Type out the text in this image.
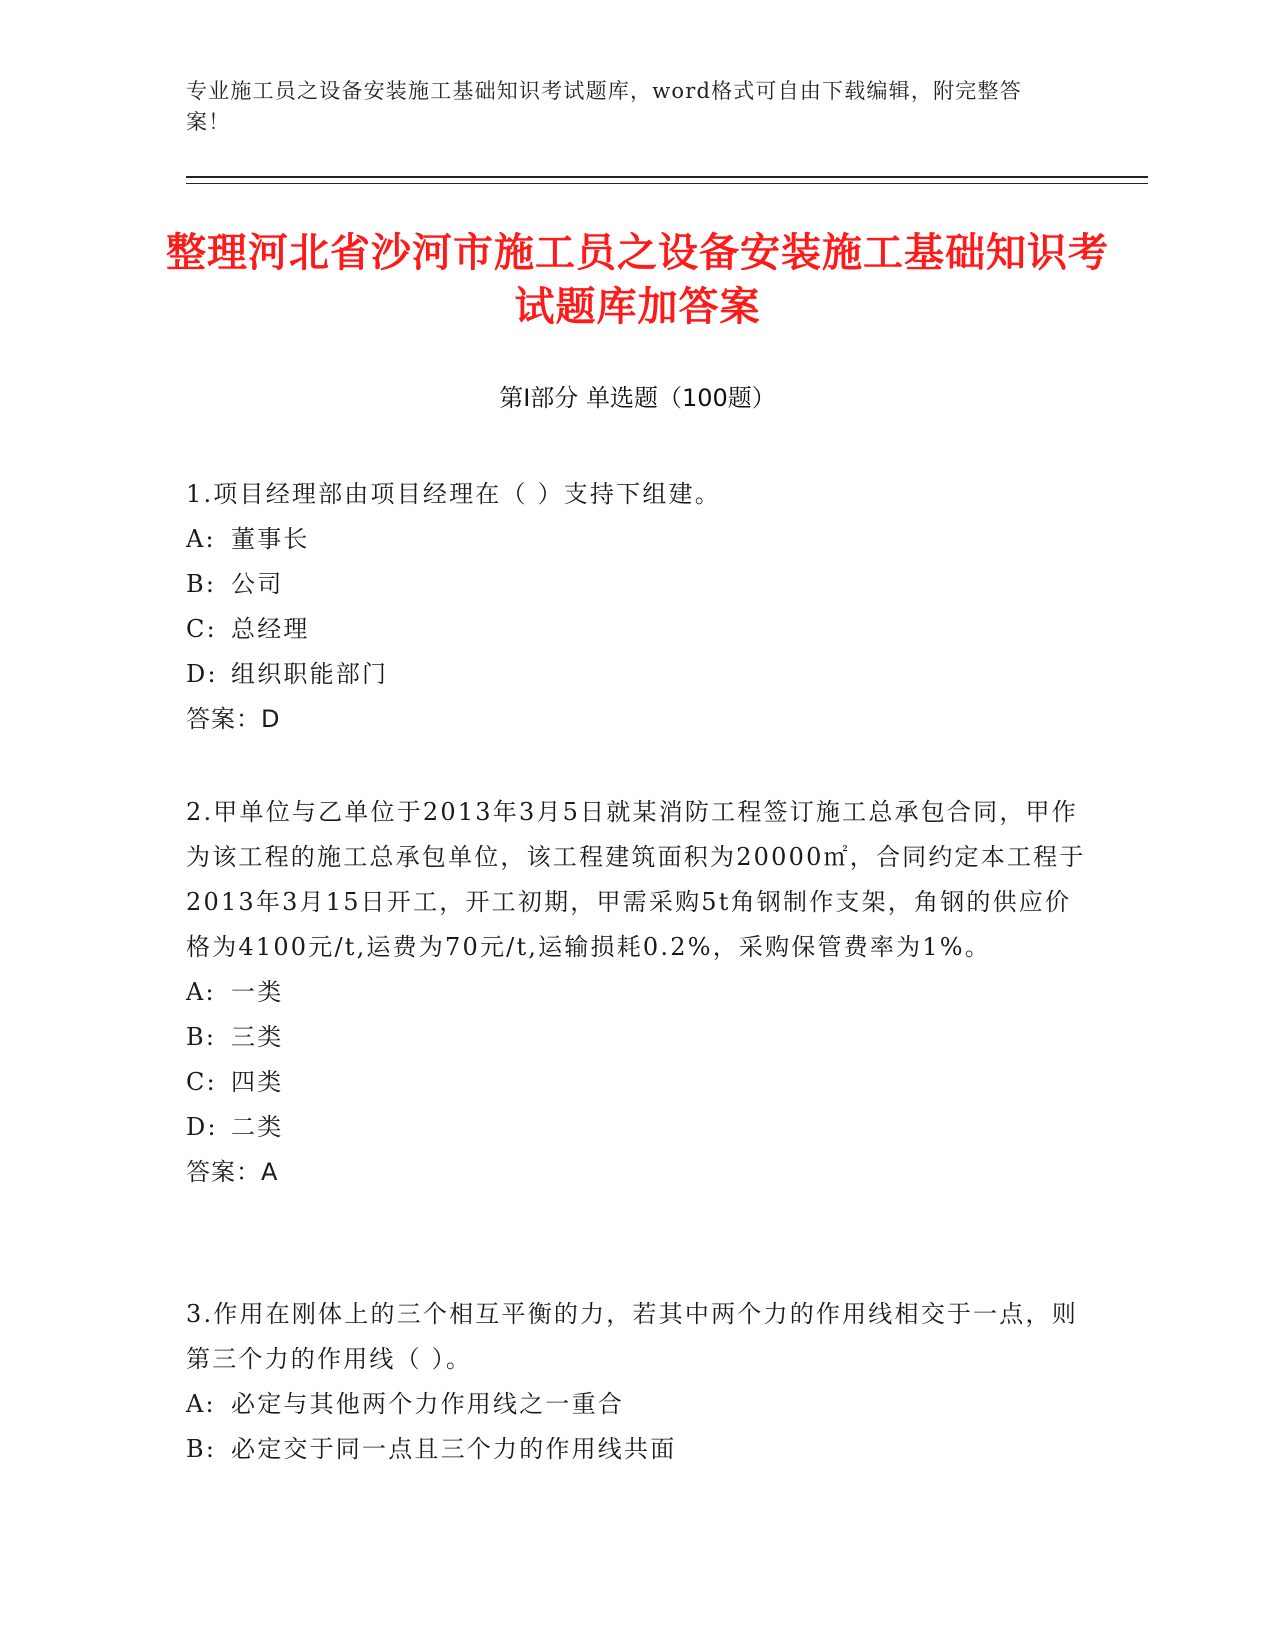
专业施工员之设备安装施工基础知识考试题库，word格式可自由下载编辑，附完整答案！
整理河北省沙河市施工员之设备安装施工基础知识考试题库加答案
第Ⅰ部分 单选题（100题）

1.项目经理部由项目经理在（ ）支持下组建。

A: 董事长

B: 公司

C: 总经理

D: 组织职能部门

答案：D

2.甲单位与乙单位于2013年3月5日就某消防工程签订施工总承包合同，甲作为该工程的施工总承包单位，该工程建筑面积为20000㎡，合同约定本工程于2013年3月15日开工，开工初期，甲需采购5t角钢制作支架，角钢的供应价格为4100元/t,运费为70元/t,运输损耗0.2%，采购保管费率为1%。

A: 一类

B: 三类

C: 四类

D: 二类

答案：A

3.作用在刚体上的三个相互平衡的力，若其中两个力的作用线相交于一点，则第三个力的作用线（ ）。

A: 必定与其他两个力作用线之一重合

B: 必定交于同一点且三个力的作用线共面
